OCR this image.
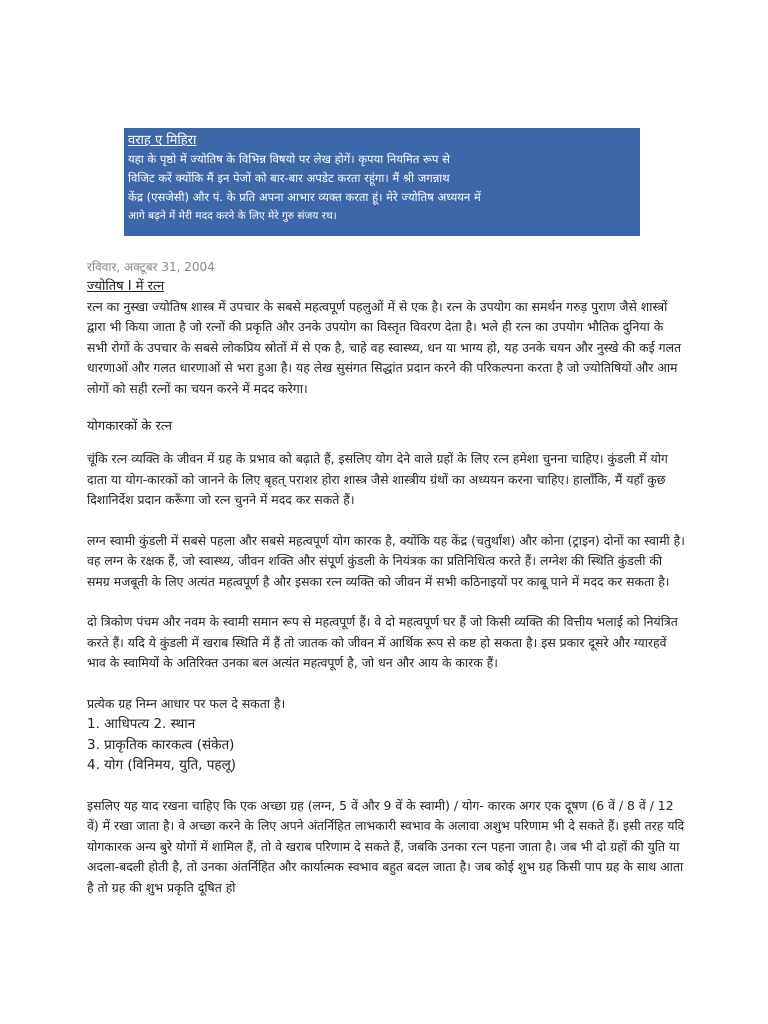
वराह ए मिहिरा
यहा के पृष्ठो में ज्योतिष के विभिन्न विषयो पर लेख होगें। कृपया नियमित रूप से
विजिट करें क्योंकि मैं इन पेजों को बार-बार अपडेट करता रहूंगा। मैं श्री जगन्नाथ
केंद्र (एसजेसी) और पं. के प्रति अपना आभार व्यक्त करता हूं। मेरे ज्योतिष अध्ययन में
आगे बढ़ने में मेरी मदद करने के लिए मेरे गुरु संजय रथ।
रविवार, अक्टूबर 31, 2004
ज्योतिष I में रत्न

रत्न का नुस्खा ज्योतिष शास्त्र में उपचार के सबसे महत्वपूर्ण पहलुओं में से एक है। रत्न के उपयोग का समर्थन गरुड़ पुराण जैसे शास्त्रों द्वारा भी किया जाता है जो रत्नों की प्रकृति और उनके उपयोग का विस्तृत विवरण देता है। भले ही रत्न का उपयोग भौतिक दुनिया के सभी रोगों के उपचार के सबसे लोकप्रिय स्रोतों में से एक है, चाहे वह स्वास्थ्य, धन या भाग्य हो, यह उनके चयन और नुस्खे की कई गलत धारणाओं और गलत धारणाओं से भरा हुआ है। यह लेख सुसंगत सिद्धांत प्रदान करने की परिकल्पना करता है जो ज्योतिषियों और आम लोगों को सही रत्नों का चयन करने में मदद करेगा।

योगकारकों के रत्न

चूंकि रत्न व्यक्ति के जीवन में ग्रह के प्रभाव को बढ़ाते हैं, इसलिए योग देने वाले ग्रहों के लिए रत्न हमेशा चुनना चाहिए। कुंडली में योग दाता या योग-कारकों को जानने के लिए बृहत् पराशर होरा शास्त्र जैसे शास्त्रीय ग्रंथों का अध्ययन करना चाहिए। हालाँकि, मैं यहाँ कुछ दिशानिर्देश प्रदान करूँगा जो रत्न चुनने में मदद कर सकते हैं।

लग्न स्वामी कुंडली में सबसे पहला और सबसे महत्वपूर्ण योग कारक है, क्योंकि यह केंद्र (चतुर्थांश) और कोना (ट्राइन) दोनों का स्वामी है। वह लग्न के रक्षक हैं, जो स्वास्थ्य, जीवन शक्ति और संपूर्ण कुंडली के नियंत्रक का प्रतिनिधित्व करते हैं। लग्नेश की स्थिति कुंडली की समग्र मजबूती के लिए अत्यंत महत्वपूर्ण है और इसका रत्न व्यक्ति को जीवन में सभी कठिनाइयों पर काबू पाने में मदद कर सकता है।

दो त्रिकोण पंचम और नवम के स्वामी समान रूप से महत्वपूर्ण हैं। वे दो महत्वपूर्ण घर हैं जो किसी व्यक्ति की वित्तीय भलाई को नियंत्रित करते हैं। यदि ये कुंडली में खराब स्थिति में हैं तो जातक को जीवन में आर्थिक रूप से कष्ट हो सकता है। इस प्रकार दूसरे और ग्यारहवें भाव के स्वामियों के अतिरिक्त उनका बल अत्यंत महत्वपूर्ण है, जो धन और आय के कारक हैं।

प्रत्येक ग्रह निम्न आधार पर फल दे सकता है।

1. आधिपत्य 2. स्थान
3. प्राकृतिक कारकत्व (संकेत)
4. योग (विनिमय, युति, पहलू)

इसलिए यह याद रखना चाहिए कि एक अच्छा ग्रह (लग्न, 5 वें और 9 वें के स्वामी) / योग- कारक अगर एक दूषण (6 वें / 8 वें / 12 वें) में रखा जाता है। वे अच्छा करने के लिए अपने अंतर्निहित लाभकारी स्वभाव के अलावा अशुभ परिणाम भी दे सकते हैं। इसी तरह यदि योगकारक अन्य बुरे योगों में शामिल हैं, तो वे खराब परिणाम दे सकते हैं, जबकि उनका रत्न पहना जाता है। जब भी दो ग्रहों की युति या अदला-बदली होती है, तो उनका अंतर्निहित और कार्यात्मक स्वभाव बहुत बदल जाता है। जब कोई शुभ ग्रह किसी पाप ग्रह के साथ आता है तो ग्रह की शुभ प्रकृति दूषित हो
